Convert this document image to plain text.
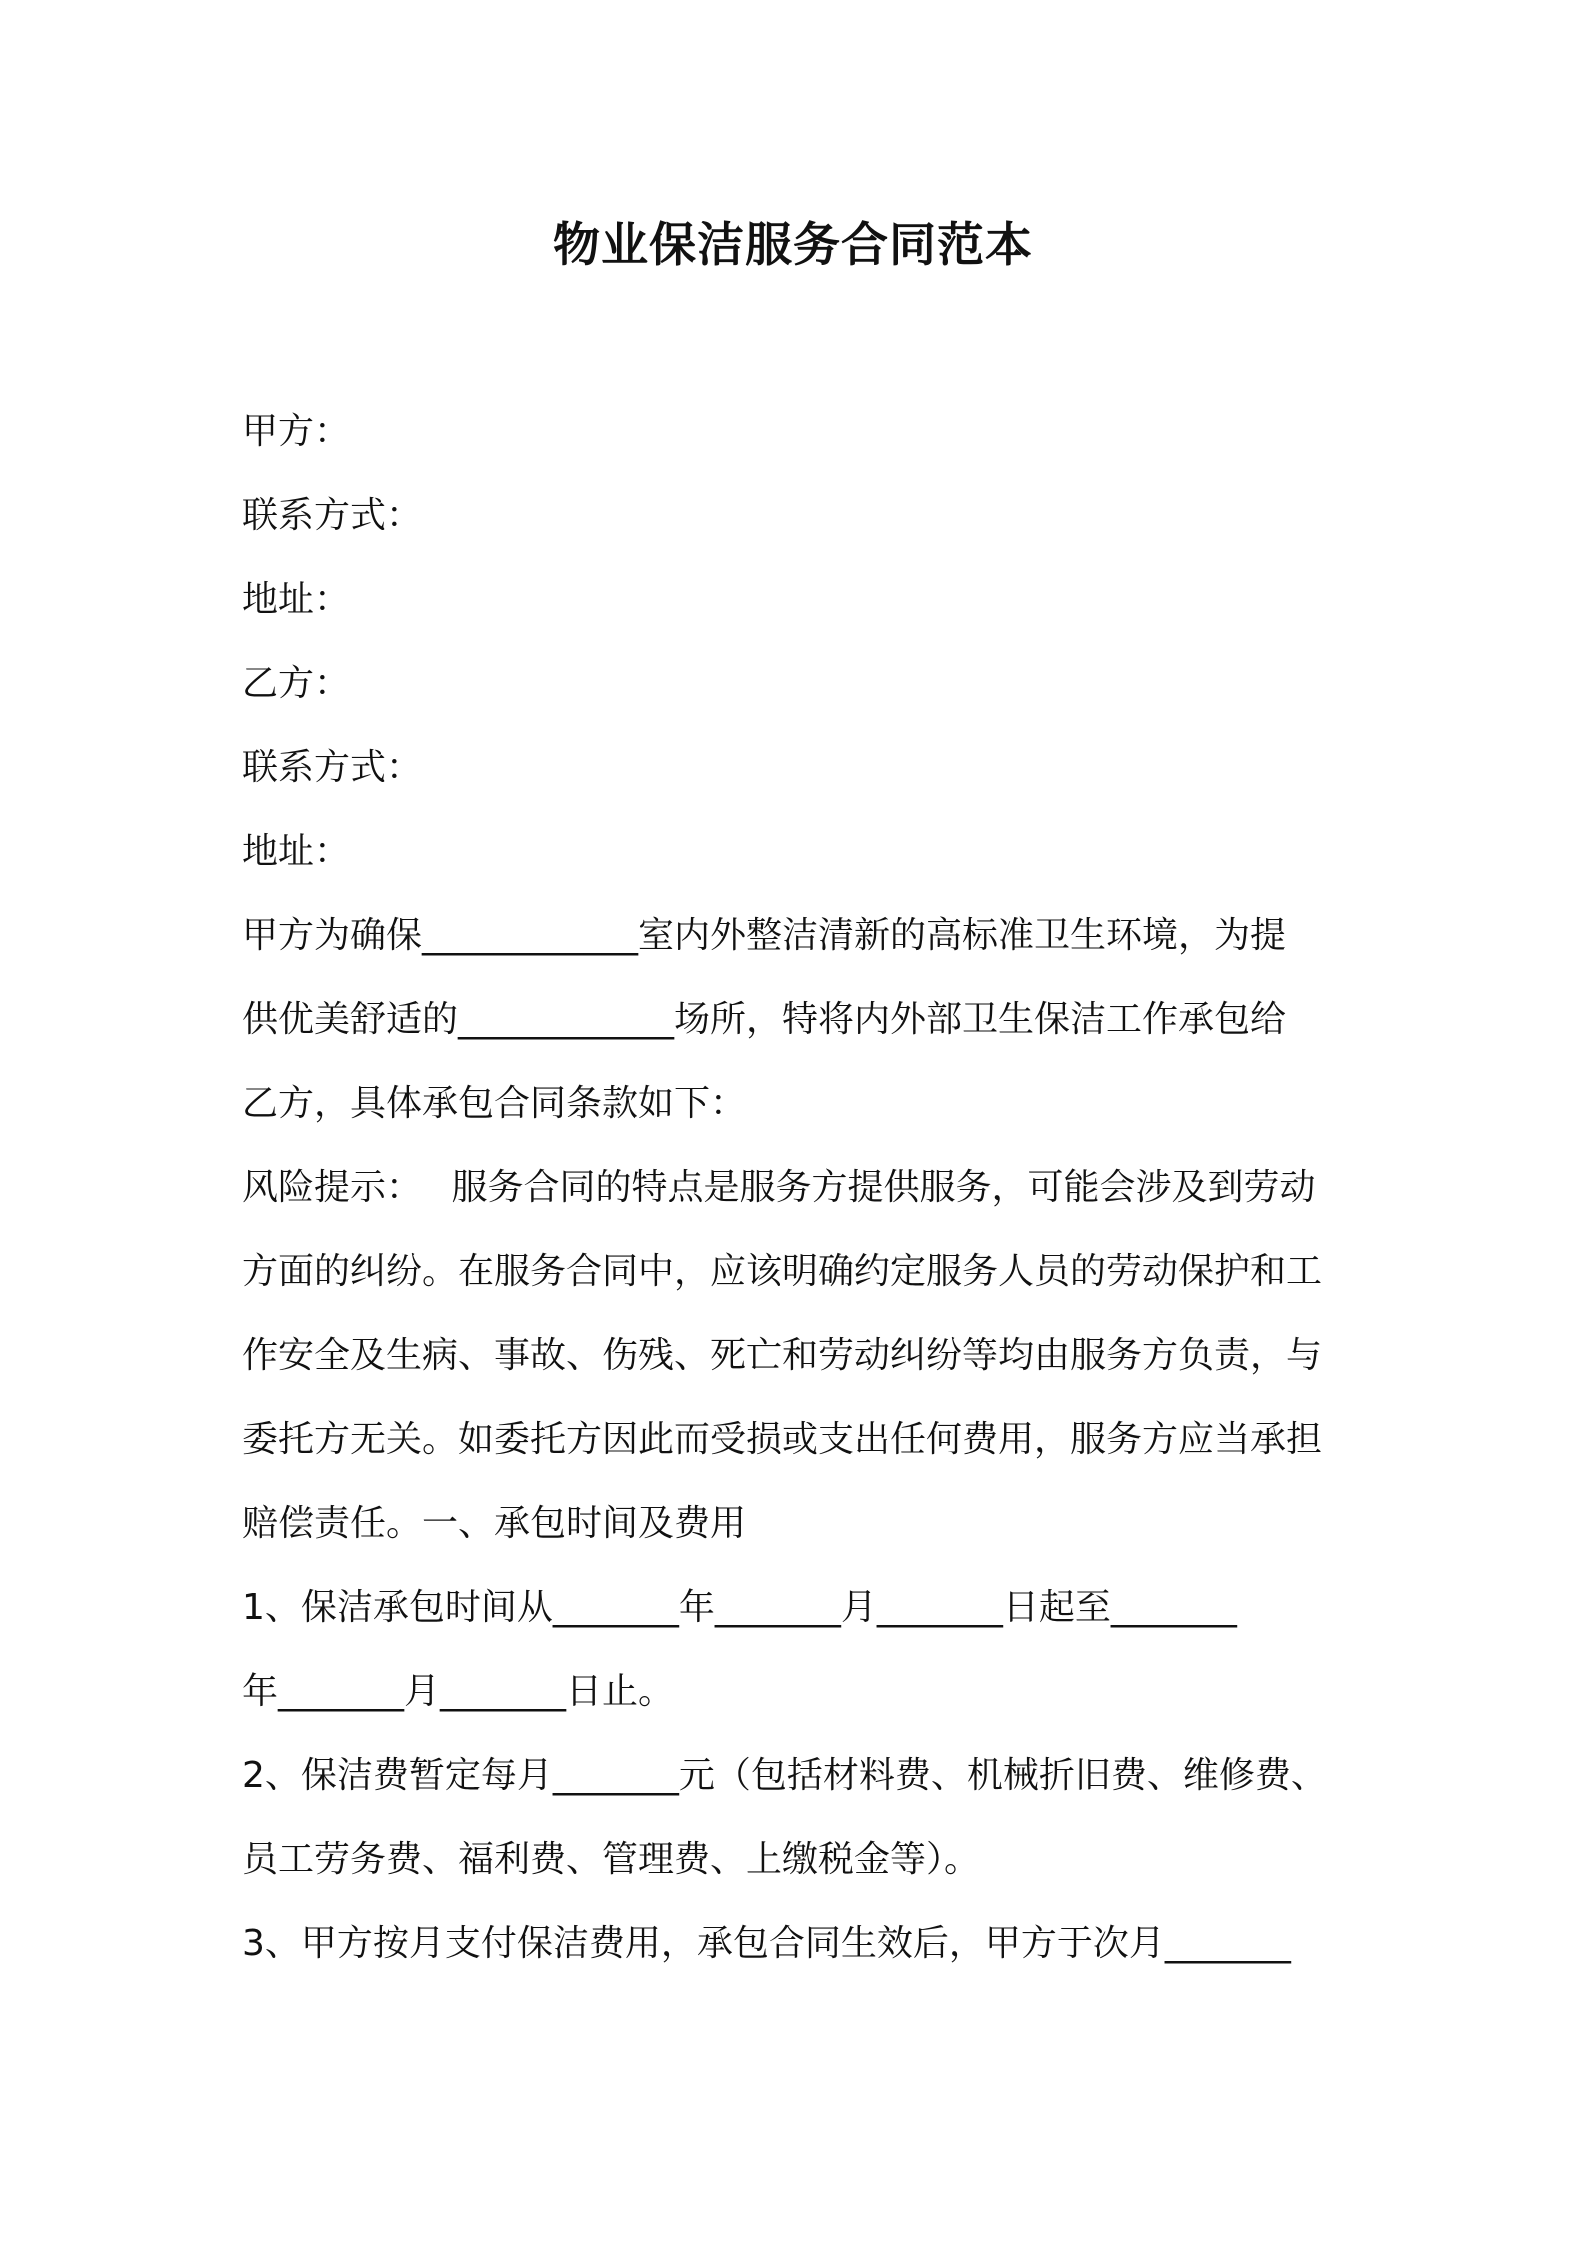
物业保洁服务合同范本

甲方：

联系方式：

地址：

乙方：

联系方式：

地址：

甲方为确保____________室内外整洁清新的高标准卫生环境，为提

供优美舒适的____________场所，特将内外部卫生保洁工作承包给

乙方，具体承包合同条款如下：

风险提示：　 服务合同的特点是服务方提供服务，可能会涉及到劳动

方面的纠纷。在服务合同中，应该明确约定服务人员的劳动保护和工

作安全及生病、事故、伤残、死亡和劳动纠纷等均由服务方负责，与

委托方无关。如委托方因此而受损或支出任何费用，服务方应当承担

赔偿责任。一、承包时间及费用

1、保洁承包时间从_______年_______月_______日起至_______

年_______月_______日止。

2、保洁费暂定每月_______元（包括材料费、机械折旧费、维修费、

员工劳务费、福利费、管理费、上缴税金等）。

3、甲方按月支付保洁费用，承包合同生效后，甲方于次月_______
